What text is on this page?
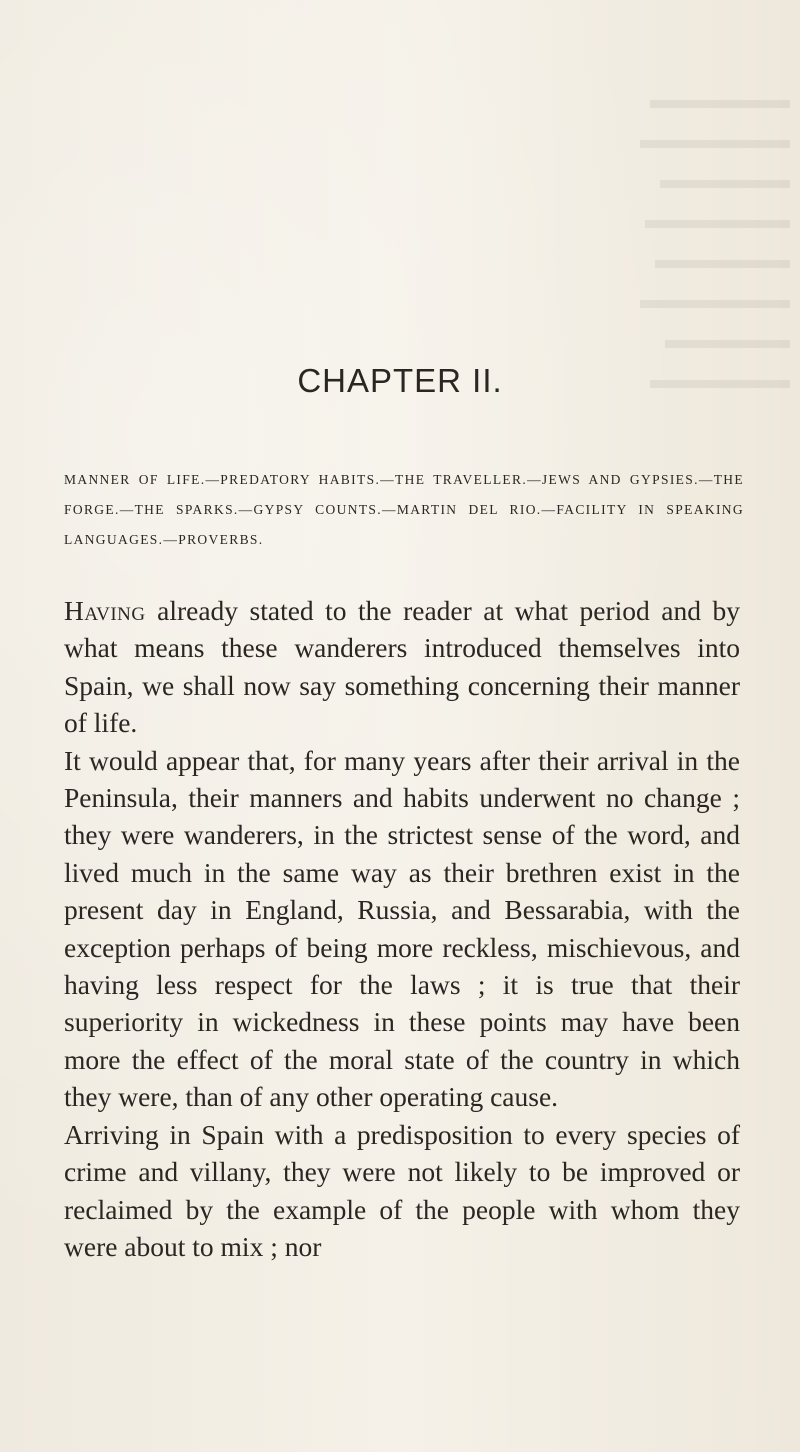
CHAPTER II.

MANNER OF LIFE.—PREDATORY HABITS.—THE TRAVELLER.—JEWS AND GYPSIES.—THE FORGE.—THE SPARKS.—GYPSY COUNTS.—MARTIN DEL RIO.—FACILITY IN SPEAKING LANGUAGES.—PROVERBS.

Having already stated to the reader at what period and by what means these wanderers introduced themselves into Spain, we shall now say something concerning their manner of life.

It would appear that, for many years after their arrival in the Peninsula, their manners and habits underwent no change ; they were wanderers, in the strictest sense of the word, and lived much in the same way as their brethren exist in the present day in England, Russia, and Bessarabia, with the exception perhaps of being more reckless, mischievous, and having less respect for the laws ; it is true that their superiority in wickedness in these points may have been more the effect of the moral state of the country in which they were, than of any other operating cause.

Arriving in Spain with a predisposition to every species of crime and villany, they were not likely to be improved or reclaimed by the example of the people with whom they were about to mix ; nor
